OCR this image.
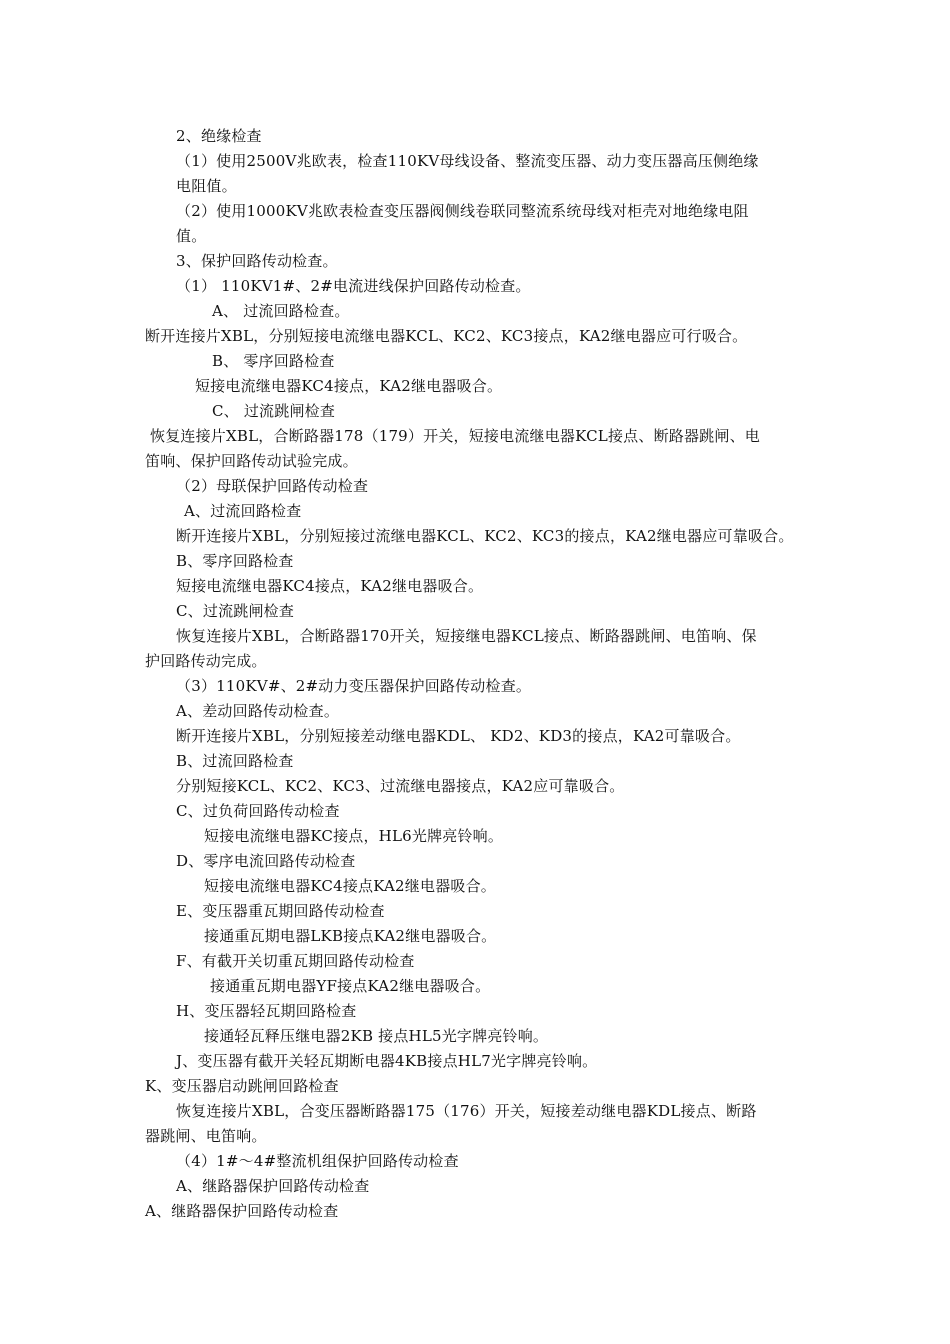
2、绝缘检查
（1）使用2500V兆欧表，检查110KV母线设备、整流变压器、动力变压器高压侧绝缘
电阻值。
（2）使用1000KV兆欧表检查变压器阀侧线卷联同整流系统母线对柜壳对地绝缘电阻
值。
3、保护回路传动检查。
（1） 110KV1#、2#电流进线保护回路传动检查。
A、 过流回路检查。
断开连接片XBL，分别短接电流继电器KCL、KC2、KC3接点，KA2继电器应可行吸合。
B、 零序回路检查
短接电流继电器KC4接点，KA2继电器吸合。
C、 过流跳闸检查
恢复连接片XBL，合断路器178（179）开关，短接电流继电器KCL接点、断路器跳闸、电
笛响、保护回路传动试验完成。
（2）母联保护回路传动检查
A、过流回路检查
断开连接片XBL，分别短接过流继电器KCL、KC2、KC3的接点，KA2继电器应可靠吸合。
B、零序回路检查
短接电流继电器KC4接点，KA2继电器吸合。
C、过流跳闸检查
恢复连接片XBL，合断路器170开关，短接继电器KCL接点、断路器跳闸、电笛响、保
护回路传动完成。
（3）110KV#、2#动力变压器保护回路传动检查。
A、差动回路传动检查。
断开连接片XBL，分别短接差动继电器KDL、 KD2、KD3的接点，KA2可靠吸合。
B、过流回路检查
分别短接KCL、KC2、KC3、过流继电器接点，KA2应可靠吸合。
C、过负荷回路传动检查
短接电流继电器KC接点，HL6光牌亮铃响。
D、零序电流回路传动检查
短接电流继电器KC4接点KA2继电器吸合。
E、变压器重瓦期回路传动检查
接通重瓦期电器LKB接点KA2继电器吸合。
F、有截开关切重瓦期回路传动检查
接通重瓦期电器YF接点KA2继电器吸合。
H、变压器轻瓦期回路检查
接通轻瓦释压继电器2KB 接点HL5光字牌亮铃响。
J、变压器有截开关轻瓦期断电器4KB接点HL7光字牌亮铃响。
K、变压器启动跳闸回路检查
恢复连接片XBL，合变压器断路器175（176）开关，短接差动继电器KDL接点、断路
器跳闸、电笛响。
（4）1#～4#整流机组保护回路传动检查
A、继路器保护回路传动检查
A、继路器保护回路传动检查
